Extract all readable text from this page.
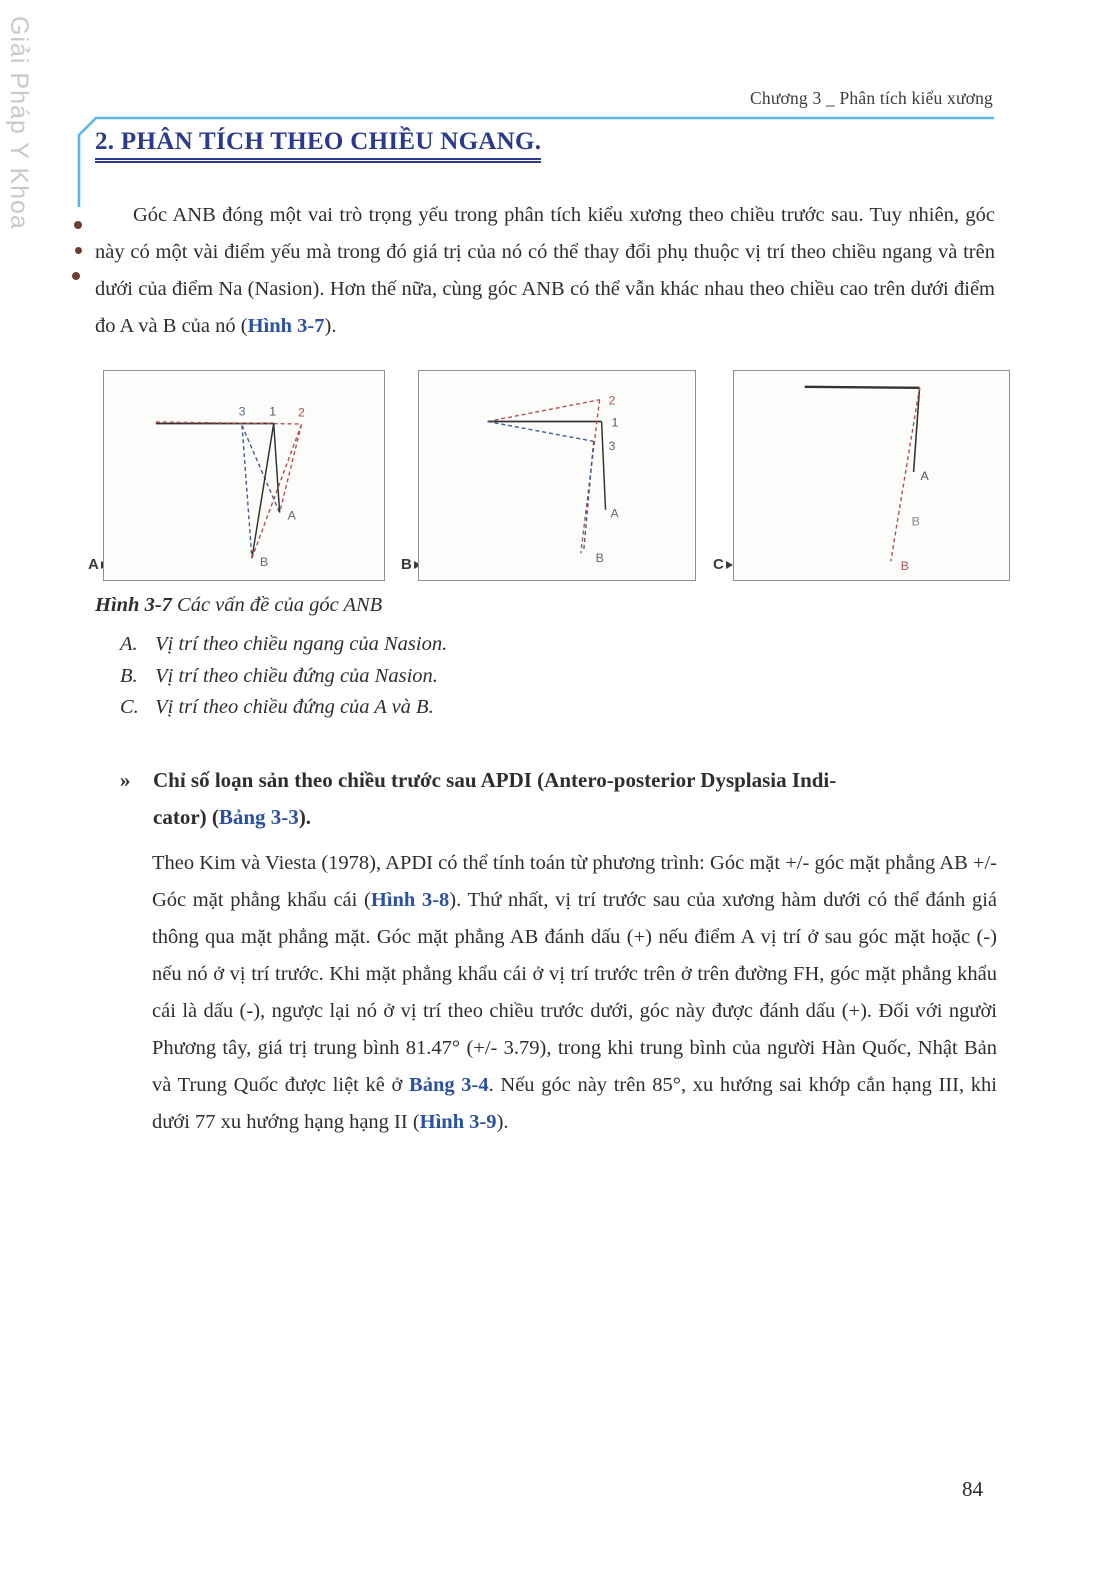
Giải Pháp Y Khoa	Chương 3 _ Phân tích kiểu xương
2. PHÂN TÍCH THEO CHIỀU NGANG.

Góc ANB đóng một vai trò trọng yếu trong phân tích kiểu xương theo chiều trước sau. Tuy nhiên, góc này có một vài điểm yếu mà trong đó giá trị của nó có thể thay đổi phụ thuộc vị trí theo chiều ngang và trên dưới của điểm Na (Nasion). Hơn thế nữa, cùng góc ANB có thể vẫn khác nhau theo chiều cao trên dưới điểm đo A và B của nó (Hình 3-7).

A
3 1 2
A
B	B
2
1
3
A
B	C
A
B
B

Hình 3-7 Các vấn đề của góc ANB

A. Vị trí theo chiều ngang của Nasion.
B. Vị trí theo chiều đứng của Nasion.
C. Vị trí theo chiều đứng của A và B.
» Chỉ số loạn sản theo chiều trước sau APDI (Antero-posterior Dysplasia Indi-
cator) (Bảng 3-3).

Theo Kim và Viesta (1978), APDI có thể tính toán từ phương trình: Góc mặt +/- góc mặt phẳng AB +/- Góc mặt phẳng khẩu cái (Hình 3-8). Thứ nhất, vị trí trước sau của xương hàm dưới có thể đánh giá thông qua mặt phẳng mặt. Góc mặt phẳng AB đánh dấu (+) nếu điểm A vị trí ở sau góc mặt hoặc (-) nếu nó ở vị trí trước. Khi mặt phẳng khẩu cái ở vị trí trước trên ở trên đường FH, góc mặt phẳng khẩu cái là dấu (-), ngược lại nó ở vị trí theo chiều trước dưới, góc này được đánh dấu (+). Đối với người Phương tây, giá trị trung bình 81.47° (+/- 3.79), trong khi trung bình của người Hàn Quốc, Nhật Bản và Trung Quốc được liệt kê ở Bảng 3-4. Nếu góc này trên 85°, xu hướng sai khớp cắn hạng III, khi dưới 77 xu hướng hạng hạng II (Hình 3-9).

84
